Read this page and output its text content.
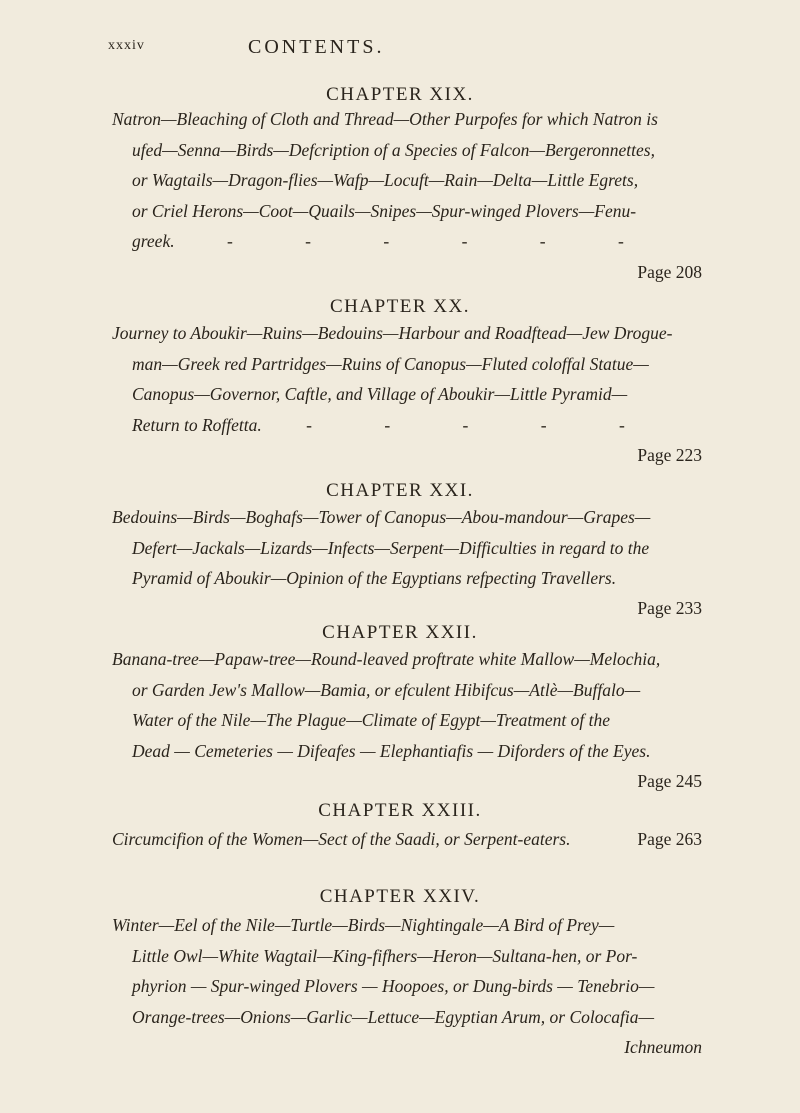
xxxiv	CONTENTS.
CHAPTER XIX.
Natron—Bleaching of Cloth and Thread—Other Purpofes for which Natron is
ufed—Senna—Birds—Defcription of a Species of Falcon—Bergeronnettes,
or Wagtails—Dragon-flies—Wafp—Locuft—Rain—Delta—Little Egrets,
or Criel Herons—Coot—Quails—Snipes—Spur-winged Plovers—Fenu-
greek.	- - - - - -
Page 208
CHAPTER XX.
Journey to Aboukir—Ruins—Bedouins—Harbour and Roadftead—Jew Drogue-
man—Greek red Partridges—Ruins of Canopus—Fluted coloffal Statue—
Canopus—Governor, Caftle, and Village of Aboukir—Little Pyramid—
Return to Roffetta.	- - - - -
Page 223
CHAPTER XXI.
Bedouins—Birds—Boghafs—Tower of Canopus—Abou-mandour—Grapes—
Defert—Jackals—Lizards—Infects—Serpent—Difficulties in regard to the
Pyramid of Aboukir—Opinion of the Egyptians refpecting Travellers.
Page 233
CHAPTER XXII.
Banana-tree—Papaw-tree—Round-leaved proftrate white Mallow—Melochia,
or Garden Jew's Mallow—Bamia, or efculent Hibifcus—Atlè—Buffalo—
Water of the Nile—The Plague—Climate of Egypt—Treatment of the
Dead — Cemeteries — Difeafes — Elephantiafis — Diforders of the Eyes.
Page 245
CHAPTER XXIII.
Circumcifion of the Women—Sect of the Saadi, or Serpent-eaters.	Page 263
CHAPTER XXIV.
Winter—Eel of the Nile—Turtle—Birds—Nightingale—A Bird of Prey—
Little Owl—White Wagtail—King-fifhers—Heron—Sultana-hen, or Por-
phyrion — Spur-winged Plovers — Hoopoes, or Dung-birds — Tenebrio—
Orange-trees—Onions—Garlic—Lettuce—Egyptian Arum, or Colocafia—
Ichneumon
